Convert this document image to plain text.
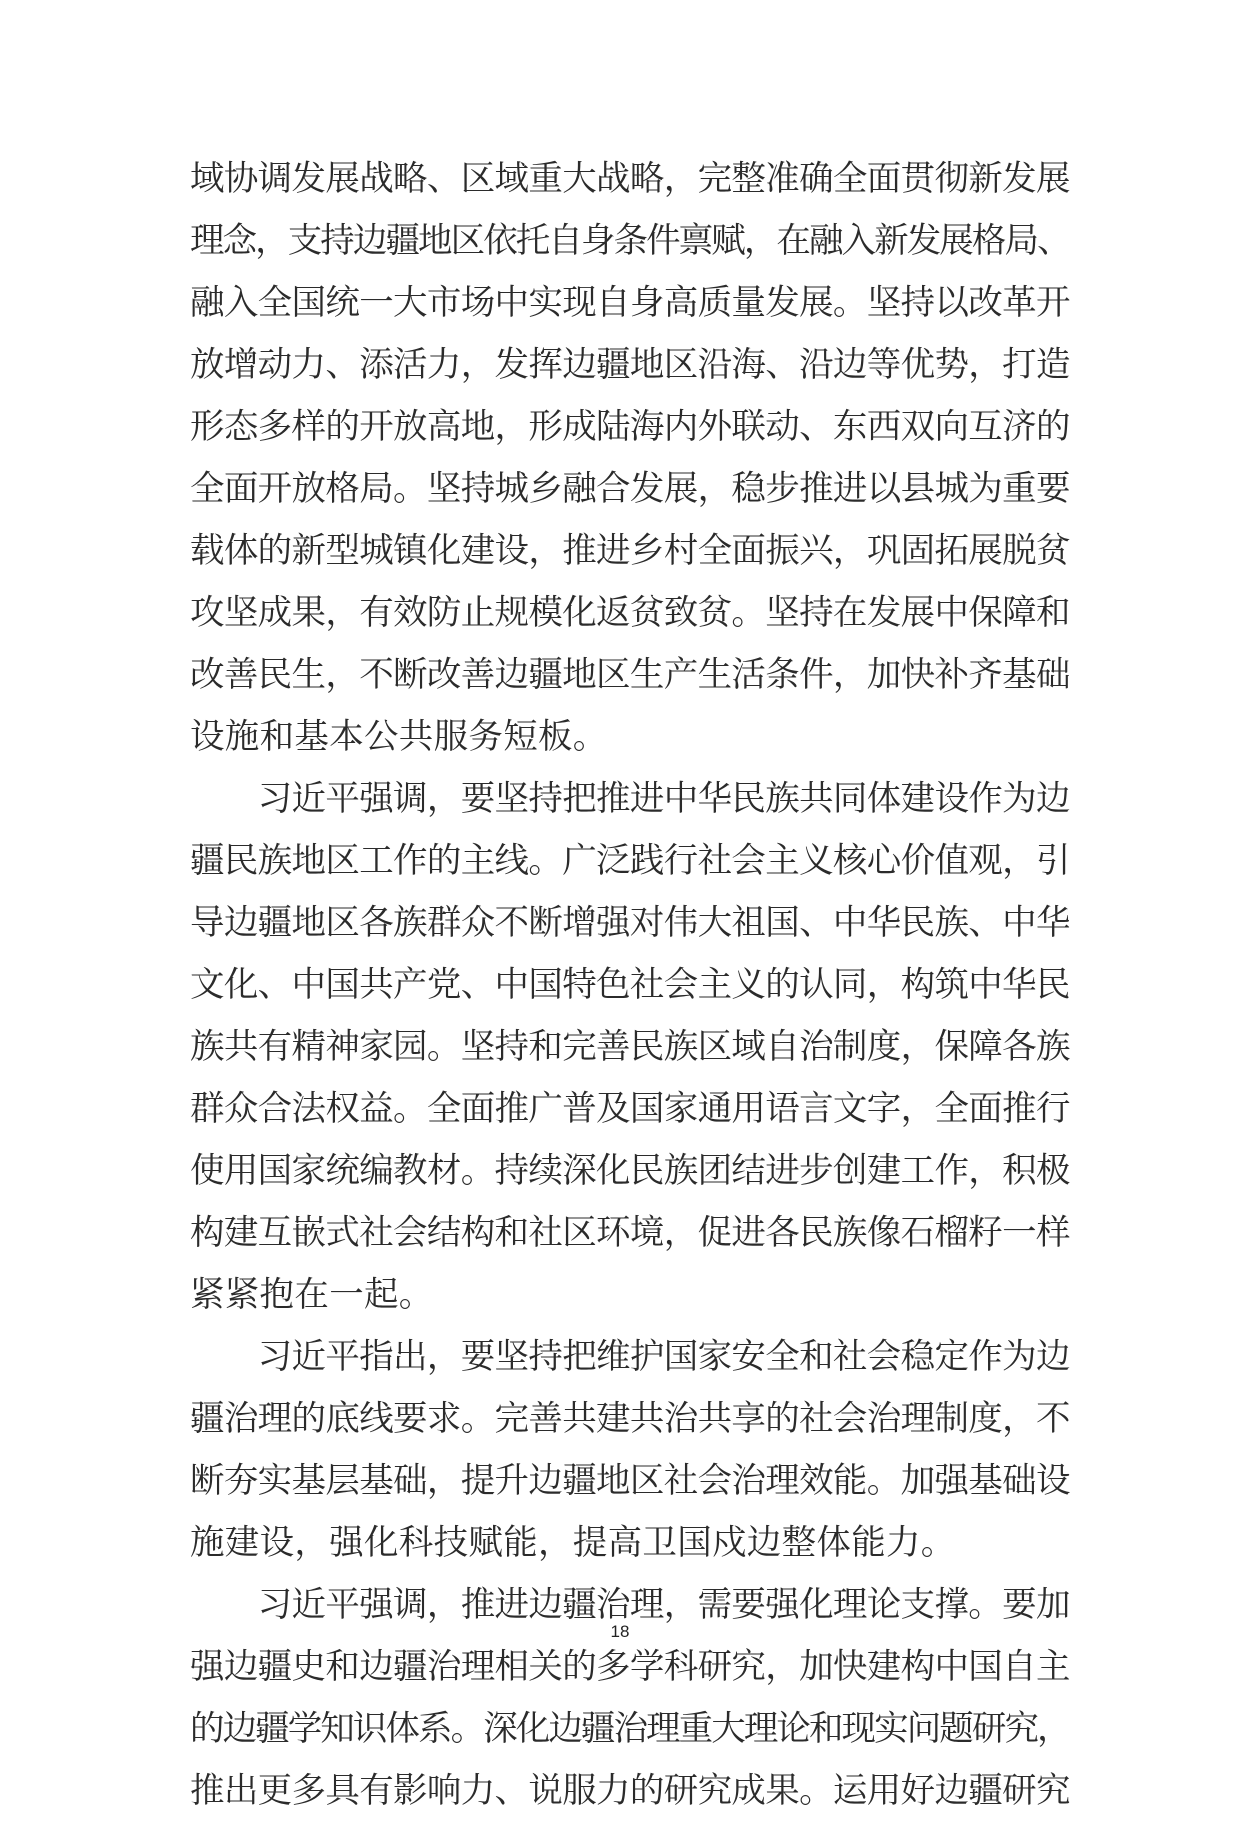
域协调发展战略、区域重大战略，完整准确全面贯彻新发展
理念，支持边疆地区依托自身条件禀赋，在融入新发展格局、
融入全国统一大市场中实现自身高质量发展。坚持以改革开
放增动力、添活力，发挥边疆地区沿海、沿边等优势，打造
形态多样的开放高地，形成陆海内外联动、东西双向互济的
全面开放格局。坚持城乡融合发展，稳步推进以县城为重要
载体的新型城镇化建设，推进乡村全面振兴，巩固拓展脱贫
攻坚成果，有效防止规模化返贫致贫。坚持在发展中保障和
改善民生，不断改善边疆地区生产生活条件，加快补齐基础
设施和基本公共服务短板。
　　习近平强调，要坚持把推进中华民族共同体建设作为边
疆民族地区工作的主线。广泛践行社会主义核心价值观，引
导边疆地区各族群众不断增强对伟大祖国、中华民族、中华
文化、中国共产党、中国特色社会主义的认同，构筑中华民
族共有精神家园。坚持和完善民族区域自治制度，保障各族
群众合法权益。全面推广普及国家通用语言文字，全面推行
使用国家统编教材。持续深化民族团结进步创建工作，积极
构建互嵌式社会结构和社区环境，促进各民族像石榴籽一样
紧紧抱在一起。
　　习近平指出，要坚持把维护国家安全和社会稳定作为边
疆治理的底线要求。完善共建共治共享的社会治理制度，不
断夯实基层基础，提升边疆地区社会治理效能。加强基础设
施建设，强化科技赋能，提高卫国戍边整体能力。
　　习近平强调，推进边疆治理，需要强化理论支撑。要加
强边疆史和边疆治理相关的多学科研究，加快建构中国自主
的边疆学知识体系。深化边疆治理重大理论和现实问题研究，
推出更多具有影响力、说服力的研究成果。运用好边疆研究
18
